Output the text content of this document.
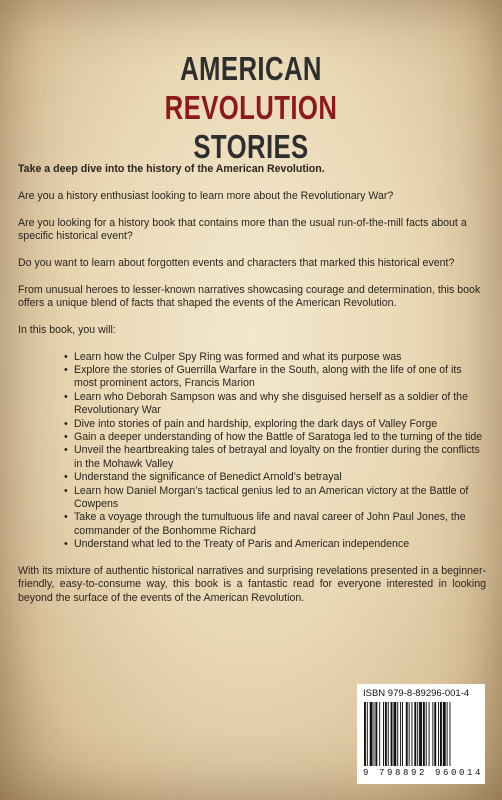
AMERICAN
REVOLUTION
STORIES

Take a deep dive into the history of the American Revolution.

Are you a history enthusiast looking to learn more about the Revolutionary War?

Are you looking for a history book that contains more than the usual run-of-the-mill facts about a specific historical event?

Do you want to learn about forgotten events and characters that marked this historical event?

From unusual heroes to lesser-known narratives showcasing courage and determination, this book offers a unique blend of facts that shaped the events of the American Revolution.

In this book, you will:

• Learn how the Culper Spy Ring was formed and what its purpose was
• Explore the stories of Guerrilla Warfare in the South, along with the life of one of its most prominent actors, Francis Marion
• Learn who Deborah Sampson was and why she disguised herself as a soldier of the Revolutionary War
• Dive into stories of pain and hardship, exploring the dark days of Valley Forge
• Gain a deeper understanding of how the Battle of Saratoga led to the turning of the tide
• Unveil the heartbreaking tales of betrayal and loyalty on the frontier during the conflicts in the Mohawk Valley
• Understand the significance of Benedict Arnold’s betrayal
• Learn how Daniel Morgan’s tactical genius led to an American victory at the Battle of Cowpens
• Take a voyage through the tumultuous life and naval career of John Paul Jones, the commander of the Bonhomme Richard
• Understand what led to the Treaty of Paris and American independence

With its mixture of authentic historical narratives and surprising revelations presented in a beginner-friendly, easy-to-consume way, this book is a fantastic read for everyone interested in looking beyond the surface of the events of the American Revolution.

ISBN 979-8-89296-001-4
9 798892 960014
